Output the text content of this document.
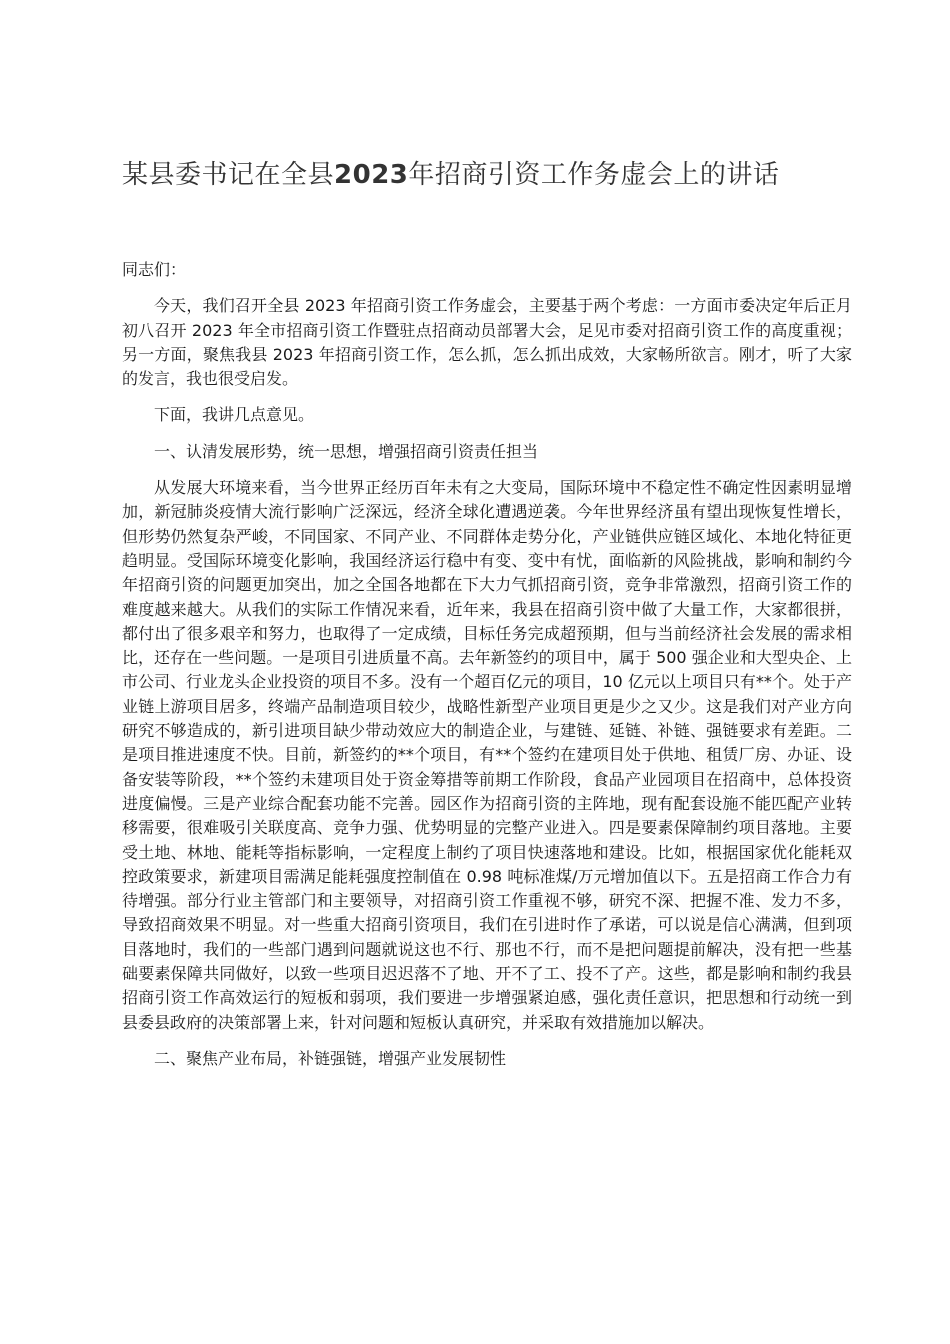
某县委书记在全县2023年招商引资工作务虚会上的讲话

同志们：

今天，我们召开全县 2023 年招商引资工作务虚会，主要基于两个考虑：一方面市委决定年后正月初八召开 2023 年全市招商引资工作暨驻点招商动员部署大会，足见市委对招商引资工作的高度重视；另一方面，聚焦我县 2023 年招商引资工作，怎么抓，怎么抓出成效，大家畅所欲言。刚才，听了大家的发言，我也很受启发。

下面，我讲几点意见。

一、认清发展形势，统一思想，增强招商引资责任担当

从发展大环境来看，当今世界正经历百年未有之大变局，国际环境中不稳定性不确定性因素明显增加，新冠肺炎疫情大流行影响广泛深远，经济全球化遭遇逆袭。今年世界经济虽有望出现恢复性增长，但形势仍然复杂严峻，不同国家、不同产业、不同群体走势分化，产业链供应链区域化、本地化特征更趋明显。受国际环境变化影响，我国经济运行稳中有变、变中有忧，面临新的风险挑战，影响和制约今年招商引资的问题更加突出，加之全国各地都在下大力气抓招商引资，竞争非常激烈，招商引资工作的难度越来越大。从我们的实际工作情况来看，近年来，我县在招商引资中做了大量工作，大家都很拼，都付出了很多艰辛和努力，也取得了一定成绩，目标任务完成超预期，但与当前经济社会发展的需求相比，还存在一些问题。一是项目引进质量不高。去年新签约的项目中，属于 500 强企业和大型央企、上市公司、行业龙头企业投资的项目不多。没有一个超百亿元的项目，10 亿元以上项目只有**个。处于产业链上游项目居多，终端产品制造项目较少，战略性新型产业项目更是少之又少。这是我们对产业方向研究不够造成的，新引进项目缺少带动效应大的制造企业，与建链、延链、补链、强链要求有差距。二是项目推进速度不快。目前，新签约的**个项目，有**个签约在建项目处于供地、租赁厂房、办证、设备安装等阶段，**个签约未建项目处于资金筹措等前期工作阶段，食品产业园项目在招商中，总体投资进度偏慢。三是产业综合配套功能不完善。园区作为招商引资的主阵地，现有配套设施不能匹配产业转移需要，很难吸引关联度高、竞争力强、优势明显的完整产业进入。四是要素保障制约项目落地。主要受土地、林地、能耗等指标影响，一定程度上制约了项目快速落地和建设。比如，根据国家优化能耗双控政策要求，新建项目需满足能耗强度控制值在 0.98 吨标准煤/万元增加值以下。五是招商工作合力有待增强。部分行业主管部门和主要领导，对招商引资工作重视不够，研究不深、把握不准、发力不多，导致招商效果不明显。对一些重大招商引资项目，我们在引进时作了承诺，可以说是信心满满，但到项目落地时，我们的一些部门遇到问题就说这也不行、那也不行，而不是把问题提前解决，没有把一些基础要素保障共同做好，以致一些项目迟迟落不了地、开不了工、投不了产。这些，都是影响和制约我县招商引资工作高效运行的短板和弱项，我们要进一步增强紧迫感，强化责任意识，把思想和行动统一到县委县政府的决策部署上来，针对问题和短板认真研究，并采取有效措施加以解决。

二、聚焦产业布局，补链强链，增强产业发展韧性
